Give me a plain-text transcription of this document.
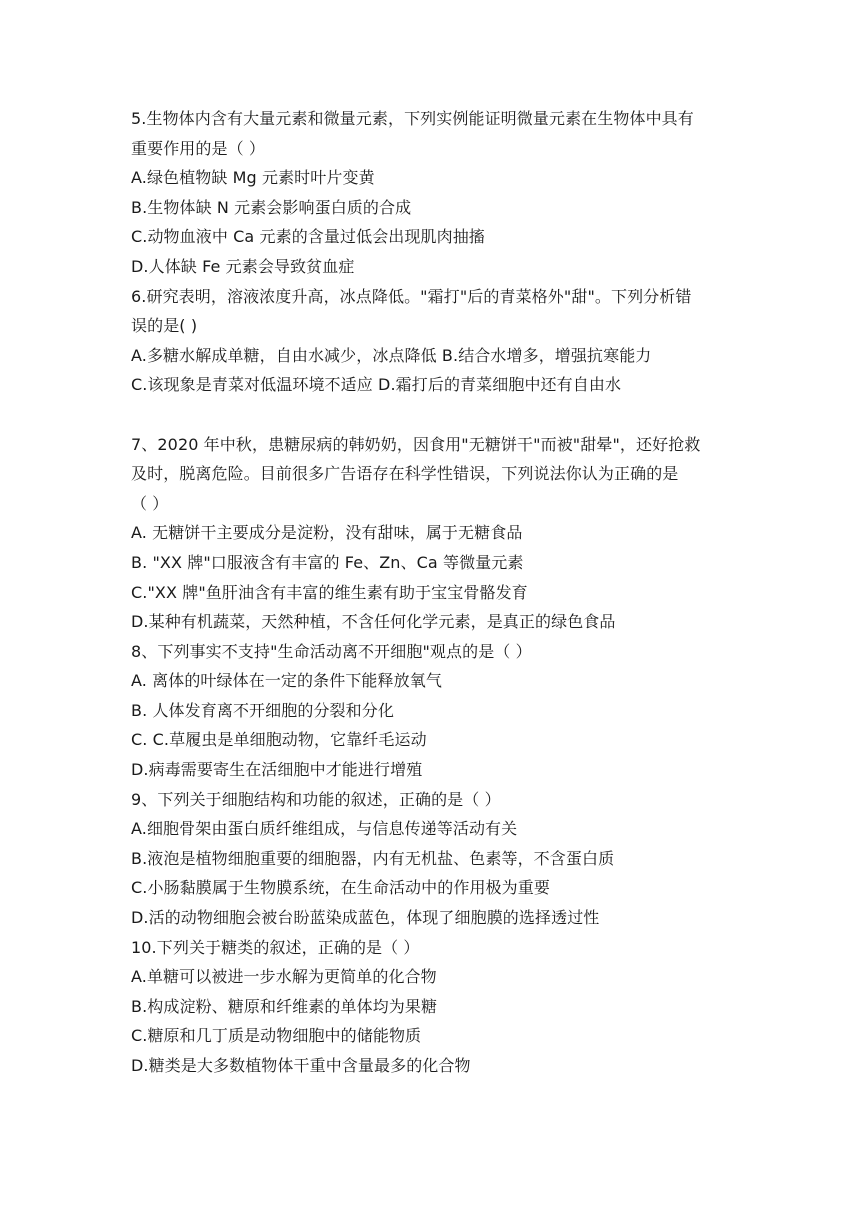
5.生物体内含有大量元素和微量元素，下列实例能证明微量元素在生物体中具有
重要作用的是（ ）
A.绿色植物缺 Mg 元素时叶片变黄
B.生物体缺 N 元素会影响蛋白质的合成
C.动物血液中 Ca 元素的含量过低会出现肌肉抽搐
D.人体缺 Fe 元素会导致贫血症
6.研究表明，溶液浓度升高，冰点降低。"霜打"后的青菜格外"甜"。下列分析错
误的是( )
A.多糖水解成单糖，自由水减少，冰点降低 B.结合水增多，增强抗寒能力
C.该现象是青菜对低温环境不适应 D.霜打后的青菜细胞中还有自由水
7、2020 年中秋，患糖尿病的韩奶奶，因食用"无糖饼干"而被"甜晕"，还好抢救
及时，脱离危险。目前很多广告语存在科学性错误，下列说法你认为正确的是
（ ）
A. 无糖饼干主要成分是淀粉，没有甜味，属于无糖食品
B. "XX 牌"口服液含有丰富的 Fe、Zn、Ca 等微量元素
C."XX 牌"鱼肝油含有丰富的维生素有助于宝宝骨骼发育
D.某种有机蔬菜，天然种植，不含任何化学元素，是真正的绿色食品
8、下列事实不支持"生命活动离不开细胞"观点的是（ ）
A. 离体的叶绿体在一定的条件下能释放氧气
B. 人体发育离不开细胞的分裂和分化
C. C.草履虫是单细胞动物，它靠纤毛运动
D.病毒需要寄生在活细胞中才能进行增殖
9、下列关于细胞结构和功能的叙述，正确的是（ ）
A.细胞骨架由蛋白质纤维组成，与信息传递等活动有关
B.液泡是植物细胞重要的细胞器，内有无机盐、色素等，不含蛋白质
C.小肠黏膜属于生物膜系统，在生命活动中的作用极为重要
D.活的动物细胞会被台盼蓝染成蓝色，体现了细胞膜的选择透过性
10.下列关于糖类的叙述，正确的是（ ）
A.单糖可以被进一步水解为更简单的化合物
B.构成淀粉、糖原和纤维素的单体均为果糖
C.糖原和几丁质是动物细胞中的储能物质
D.糖类是大多数植物体干重中含量最多的化合物
